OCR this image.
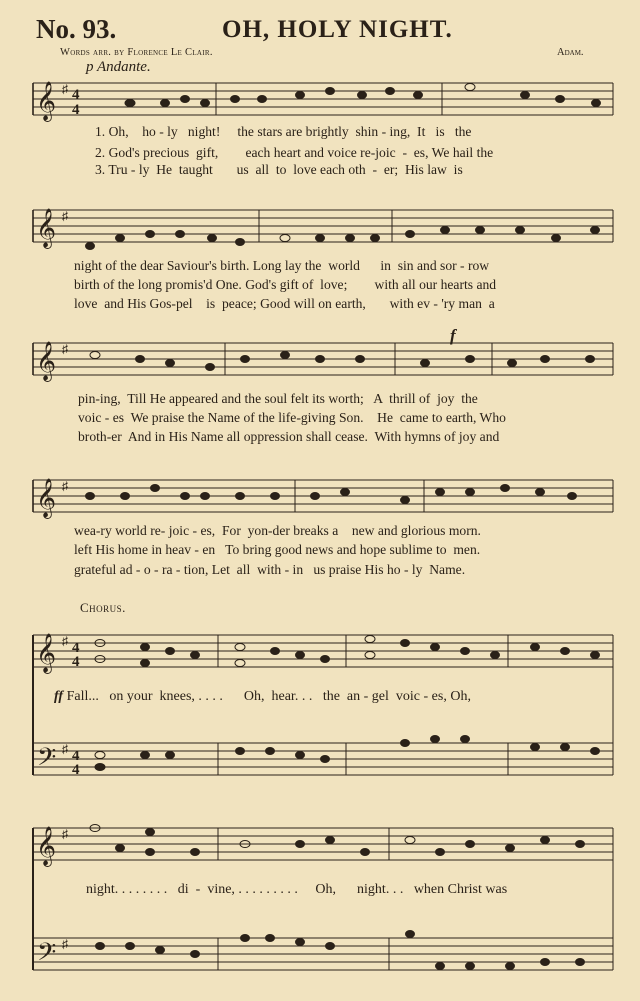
No. 93.	OH, HOLY NIGHT.
Words arr. by Florence Le Clair.	Adam.
p Andante.
f
Chorus.
𝄞 ♯ 4
4
𝄞 ♯
𝄞 ♯
𝄞 ♯
𝄞 ♯ 4
4
𝄢 ♯ 4
4
𝄞 ♯
𝄢 ♯
1. Oh,    ho - ly   night!     the stars are brightly  shin - ing,  It   is   the
2. God's precious  gift,        each heart and voice re-joic  -  es, We hail the
3. Tru - ly  He  taught       us  all  to  love each oth  -  er;  His law  is
night of the dear Saviour's birth. Long lay the  world      in  sin and sor - row
birth of the long promis'd One. God's gift of  love;        with all our hearts and
love  and His Gos-pel    is  peace; Good will on earth,       with ev - 'ry man  a
pin-ing,  Till He appeared and the soul felt its worth;   A  thrill of  joy  the
voic - es  We praise the Name of the life-giving Son.    He  came to earth, Who
broth-er  And in His Name all oppression shall cease.  With hymns of joy and
wea-ry world re- joic - es,  For  yon-der breaks a    new and glorious morn.
left His home in heav - en   To bring good news and hope sublime to  men.
grateful ad - o - ra - tion, Let  all  with - in   us praise His ho - ly  Name.
ff Fall...   on your  knees, . . . .      Oh,  hear. . .   the  an - gel  voic - es, Oh,
night. . . . . . . .   di  -  vine, . . . . . . . . .     Oh,      night. . .   when Christ was
